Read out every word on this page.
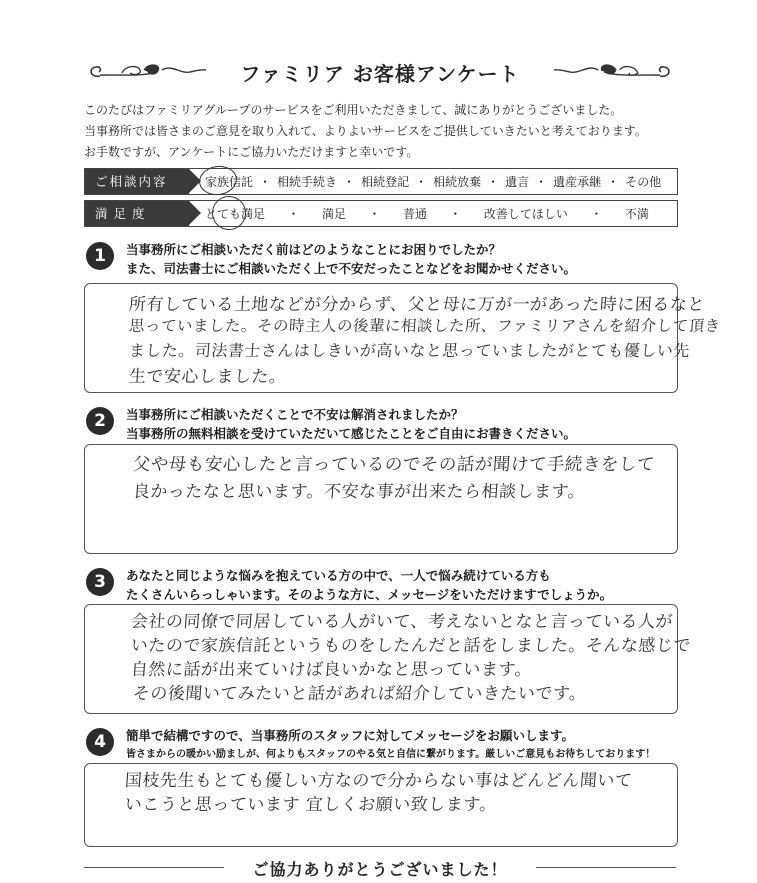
ファミリア お客様アンケート
このたびはファミリアグループのサービスをご利用いただきまして、誠にありがとうございました。
当事務所では皆さまのご意見を取り入れて、よりよいサービスをご提供していきたいと考えております。
お手数ですが、アンケートにご協力いただけますと幸いです。
ご相談内容	家族信託 ・ 相続手続き ・ 相続登記 ・ 相続放棄 ・ 遺言 ・ 遺産承継 ・ その他
満足度	とても満足 ・ 満足 ・ 普通 ・ 改善してほしい ・ 不満
1	当事務所にご相談いただく前はどのようなことにお困りでしたか？
また、司法書士にご相談いただく上で不安だったことなどをお聞かせください。
所有している土地などが分からず、父と母に万が一があった時に困るなと
思っていました。その時主人の後輩に相談した所、ファミリアさんを紹介して頂き
ました。司法書士さんはしきいが高いなと思っていましたがとても優しい先
生で安心しました。
2	当事務所にご相談いただくことで不安は解消されましたか？
当事務所の無料相談を受けていただいて感じたことをご自由にお書きください。
父や母も安心したと言っているのでその話が聞けて手続きをして
良かったなと思います。不安な事が出来たら相談します。
3	あなたと同じような悩みを抱えている方の中で、一人で悩み続けている方も
たくさんいらっしゃいます。そのような方に、メッセージをいただけますでしょうか。
会社の同僚で同居している人がいて、考えないとなと言っている人が
いたので家族信託というものをしたんだと話をしました。そんな感じで
自然に話が出来ていけば良いかなと思っています。
その後聞いてみたいと話があれば紹介していきたいです。
4	簡単で結構ですので、当事務所のスタッフに対してメッセージをお願いします。
皆さまからの暖かい励ましが、何よりもスタッフのやる気と自信に繋がります。厳しいご意見もお待ちしております！
国枝先生もとても優しい方なので分からない事はどんどん聞いて
いこうと思っています 宜しくお願い致します。
ご協力ありがとうございました！
